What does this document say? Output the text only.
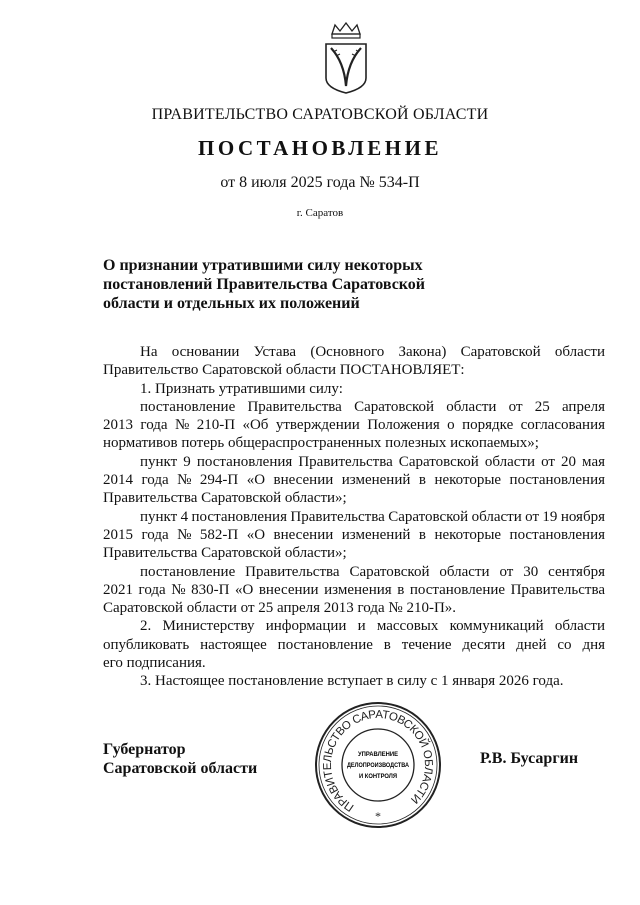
ПРАВИТЕЛЬСТВО САРАТОВСКОЙ ОБЛАСТИ
ПОСТАНОВЛЕНИЕ
от 8 июля 2025 года № 534-П
г. Саратов
О признании утратившими силу некоторых
постановлений Правительства Саратовской
области и отдельных их положений
На основании Устава (Основного Закона) Саратовской области
Правительство Саратовской области ПОСТАНОВЛЯЕТ:
1. Признать утратившими силу:
постановление Правительства Саратовской области от 25 апреля
2013 года № 210-П «Об утверждении Положения о порядке согласования
нормативов потерь общераспространенных полезных ископаемых»;
пункт 9 постановления Правительства Саратовской области от 20 мая
2014 года № 294-П «О внесении изменений в некоторые постановления
Правительства Саратовской области»;
пункт 4 постановления Правительства Саратовской области от 19 ноября
2015 года № 582-П «О внесении изменений в некоторые постановления
Правительства Саратовской области»;
постановление Правительства Саратовской области от 30 сентября
2021 года № 830-П «О внесении изменения в постановление Правительства
Саратовской области от 25 апреля 2013 года № 210-П».
2. Министерству информации и массовых коммуникаций области
опубликовать настоящее постановление в течение десяти дней со дня
его подписания.
3. Настоящее постановление вступает в силу с 1 января 2026 года.
Губернатор
Саратовской области
Р.В. Бусаргин
ПРАВИТЕЛЬСТВО САРАТОВСКОЙ ОБЛАСТИ
*
УПРАВЛЕНИЕ
ДЕЛОПРОИЗВОДСТВА
И КОНТРОЛЯ
